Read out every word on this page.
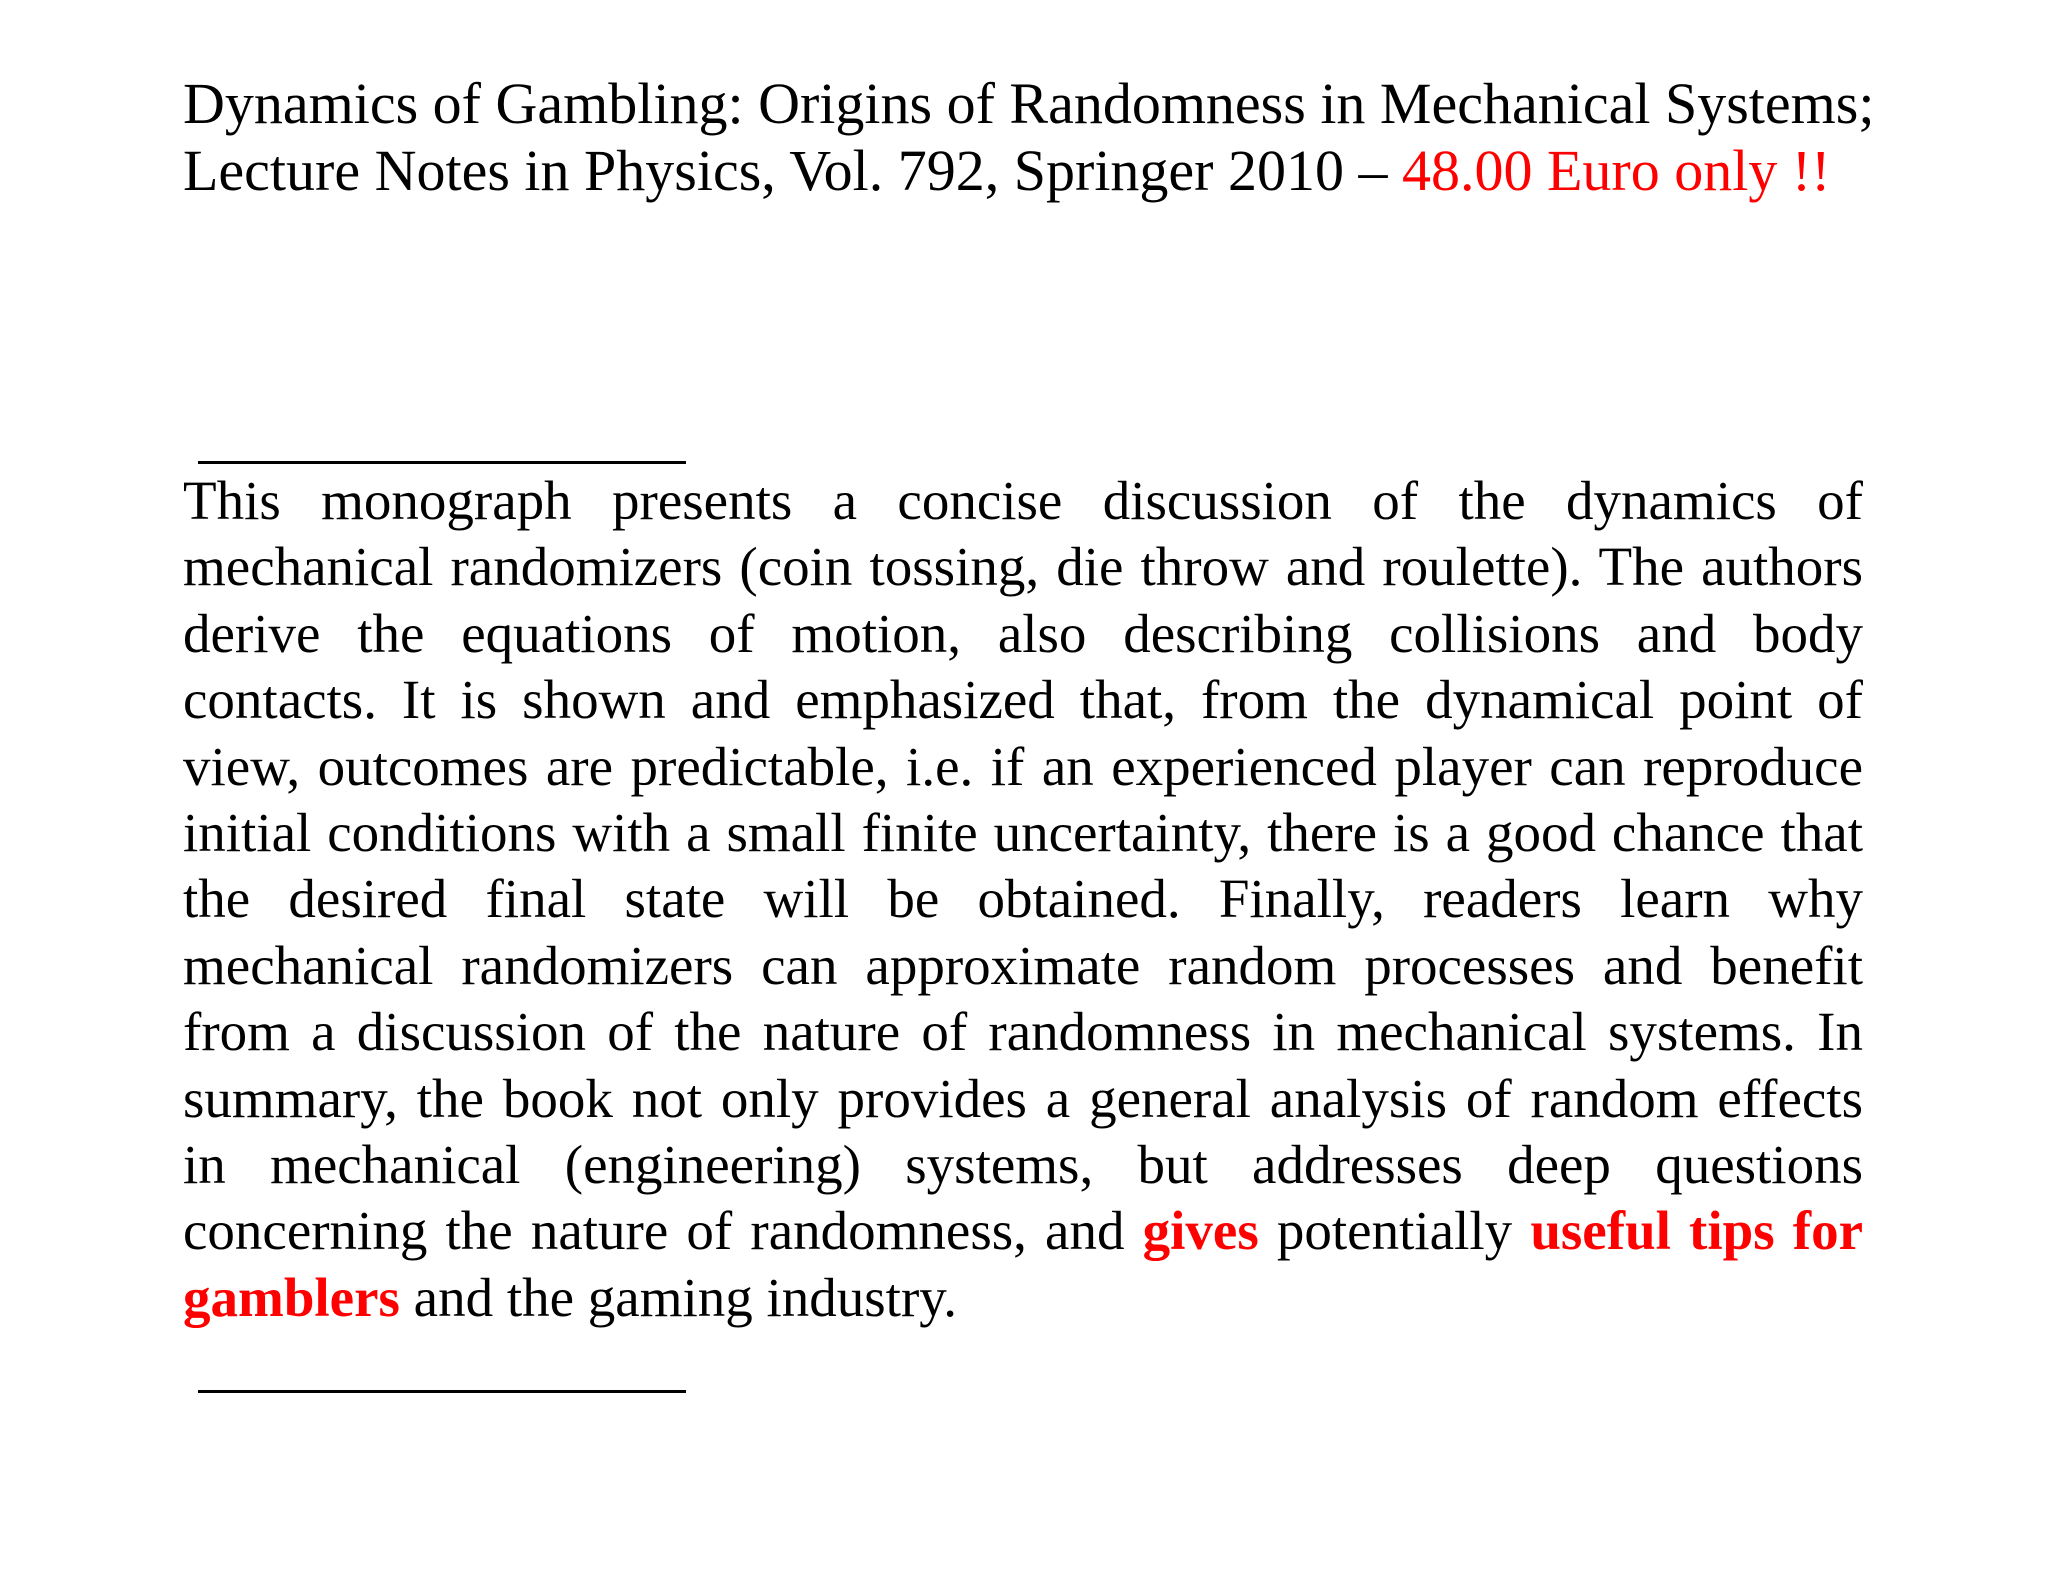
Dynamics of Gambling: Origins of Randomness in Mechanical Systems;
Lecture Notes in Physics, Vol. 792, Springer 2010 – 48.00 Euro only !!

This monograph presents a concise discussion of the dynamics of mechanical randomizers (coin tossing, die throw and roulette). The authors derive the equations of motion, also describing collisions and body contacts. It is shown and emphasized that, from the dynamical point of view, outcomes are predictable, i.e. if an experienced player can reproduce initial conditions with a small finite uncertainty, there is a good chance that the desired final state will be obtained. Finally, readers learn why mechanical randomizers can approximate random processes and benefit from a discussion of the nature of randomness in mechanical systems. In summary, the book not only provides a general analysis of random effects in mechanical (engineering) systems, but addresses deep questions concerning the nature of randomness, and gives potentially useful tips for gamblers and the gaming industry.
